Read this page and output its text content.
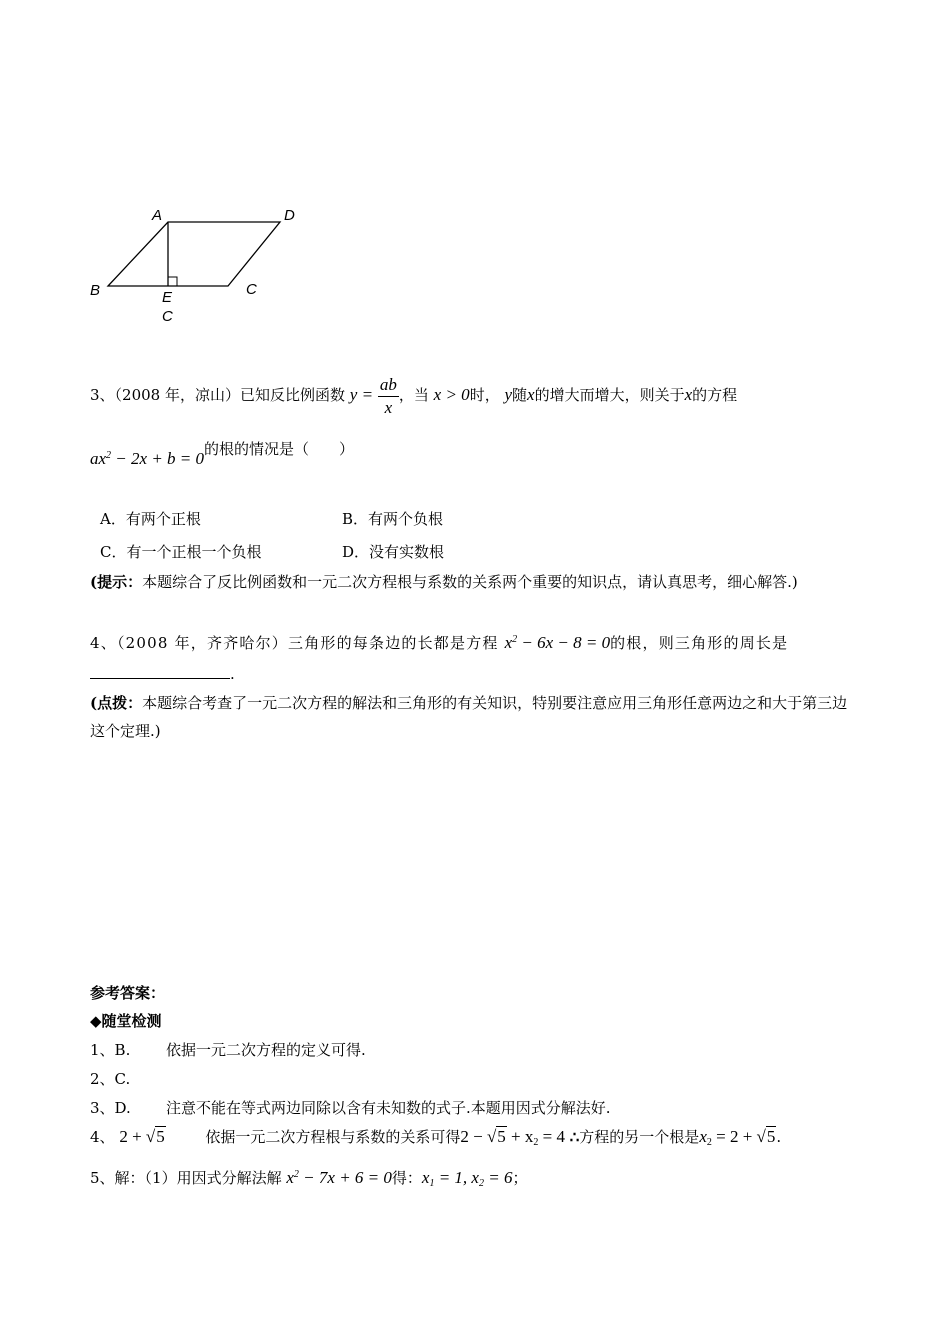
A	D
B	E	C
C
3、（2008 年，凉山）已知反比例函数 $y = \frac{ab}{x}$ ，当 x > 0时， y随x的增大而增大，则关于x的方程
$ax^2 - 2x + b = 0$的根的情况是（　　）
A．有两个正根	B．有两个负根
C．有一个正根一个负根	D．没有实数根
(提示：本题综合了反比例函数和一元二次方程根与系数的关系两个重要的知识点，请认真思考，细心解答.)
4、（2008 年，齐齐哈尔）三角形的每条边的长都是方程 $x^2 - 6x - 8 = 0$的根，则三角形的周长是
.
(点拨：本题综合考查了一元二次方程的解法和三角形的有关知识，特别要注意应用三角形任意两边之和大于第三边这个定理.)
参考答案：
◆随堂检测
1、B. 依据一元二次方程的定义可得.
2、C.
3、D. 注意不能在等式两边同除以含有未知数的式子.本题用因式分解法好.
4、 2 + √5	依据一元二次方程根与系数的关系可得$2 - √5 + x_2 = 4$ ∴方程的另一个根是$x_2 = 2 + √5$.
5、解：（1）用因式分解法解 $x^2 - 7x + 6 = 0$得：$x_1 = 1$, $x_2 = 6$；
